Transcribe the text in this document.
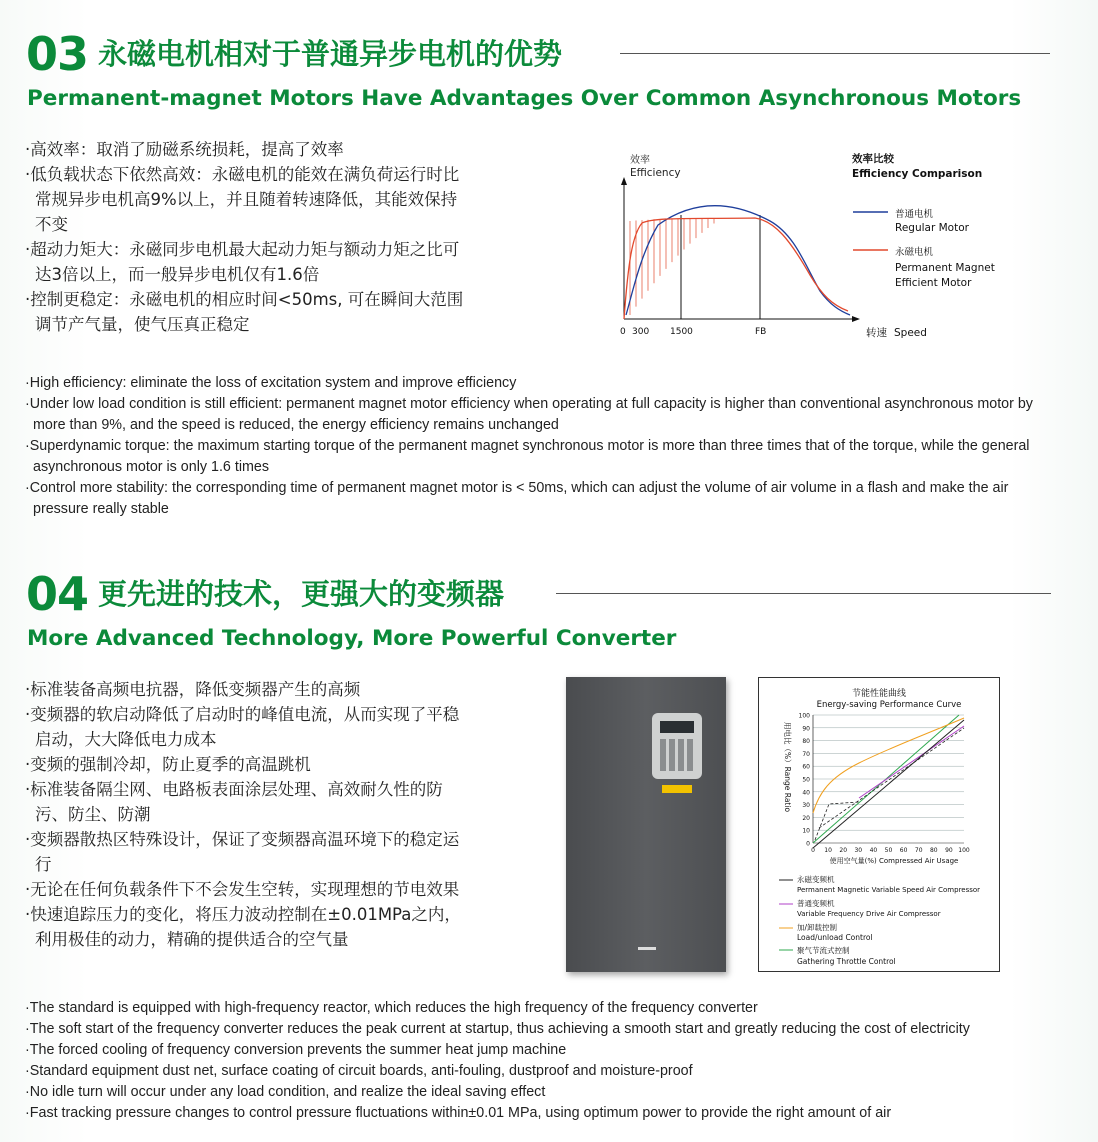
03 永磁电机相对于普通异步电机的优势
Permanent-magnet Motors Have Advantages Over Common Asynchronous Motors
· 高效率：取消了励磁系统损耗，提高了效率
· 低负载状态下依然高效：永磁电机的能效在满负荷运行时比常规异步电机高9%以上，并且随着转速降低，其能效保持不变
· 超动力矩大：永磁同步电机最大起动力矩与额动力矩之比可达3倍以上，而一般异步电机仅有1.6倍
· 控制更稳定：永磁电机的相应时间<50ms, 可在瞬间大范围调节产气量，使气压真正稳定
效率
Efficiency
效率比较
Efficiency Comparison
0 300 1500	FB	转速 Speed
普通电机
Regular Motor
永磁电机
Permanent Magnet
Efficient Motor
· High efficiency: eliminate the loss of excitation system and improve efficiency
· Under low load condition is still efficient: permanent magnet motor efficiency when operating at full capacity is higher than conventional asynchronous motor by more than 9%, and the speed is reduced, the energy efficiency remains unchanged
· Superdynamic torque: the maximum starting torque of the permanent magnet synchronous motor is more than three times that of the torque, while the general asynchronous motor is only 1.6 times
· Control more stability: the corresponding time of permanent magnet motor is < 50ms, which can adjust the volume of air volume in a flash and make the air pressure really stable
04 更先进的技术，更强大的变频器
More Advanced Technology, More Powerful Converter
· 标准装备高频电抗器，降低变频器产生的高频
· 变频器的软启动降低了启动时的峰值电流，从而实现了平稳启动，大大降低电力成本
· 变频的强制冷却，防止夏季的高温跳机
· 标准装备隔尘网、电路板表面涂层处理、高效耐久性的防污、防尘、防潮
· 变频器散热区特殊设计，保证了变频器高温环境下的稳定运行
· 无论在任何负载条件下不会发生空转，实现理想的节电效果
· 快速追踪压力的变化，将压力波动控制在±0.01MPa之内，利用极佳的动力，精确的提供适合的空气量
节能性能曲线
Energy-saving Performance Curve
用电比（%）Range Ratio
0
10
20
30
40
50
60
70
80
90
100
0 10 20 30 40 50 60 70 80 90 100
使用空气量(%) Compressed Air Usage
永磁变频机
Permanent Magnetic Variable Speed Air Compressor
普通变频机
Variable Frequency Drive Air Compressor
加/卸载控制
Load/unload Control
聚气节流式控制
Gathering Throttle Control
· The standard is equipped with high-frequency reactor, which reduces the high frequency of the frequency converter
· The soft start of the frequency converter reduces the peak current at startup, thus achieving a smooth start and greatly reducing the cost of electricity
· The forced cooling of frequency conversion prevents the summer heat jump machine
· Standard equipment dust net, surface coating of circuit boards, anti-fouling, dustproof and moisture-proof
· No idle turn will occur under any load condition, and realize the ideal saving effect
· Fast tracking pressure changes to control pressure fluctuations within±0.01 MPa, using optimum power to provide the right amount of air
